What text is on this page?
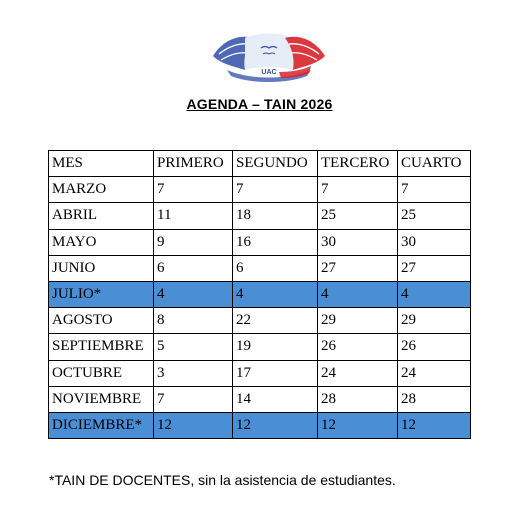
UAC
AGENDA – TAIN 2026
MES	PRIMERO	SEGUNDO	TERCERO	CUARTO
MARZO	7	7	7	7
ABRIL	11	18	25	25
MAYO	9	16	30	30
JUNIO	6	6	27	27
JULIO*	4	4	4	4
AGOSTO	8	22	29	29
SEPTIEMBRE	5	19	26	26
OCTUBRE	3	17	24	24
NOVIEMBRE	7	14	28	28
DICIEMBRE*	12	12	12	12
*TAIN DE DOCENTES, sin la asistencia de estudiantes.
